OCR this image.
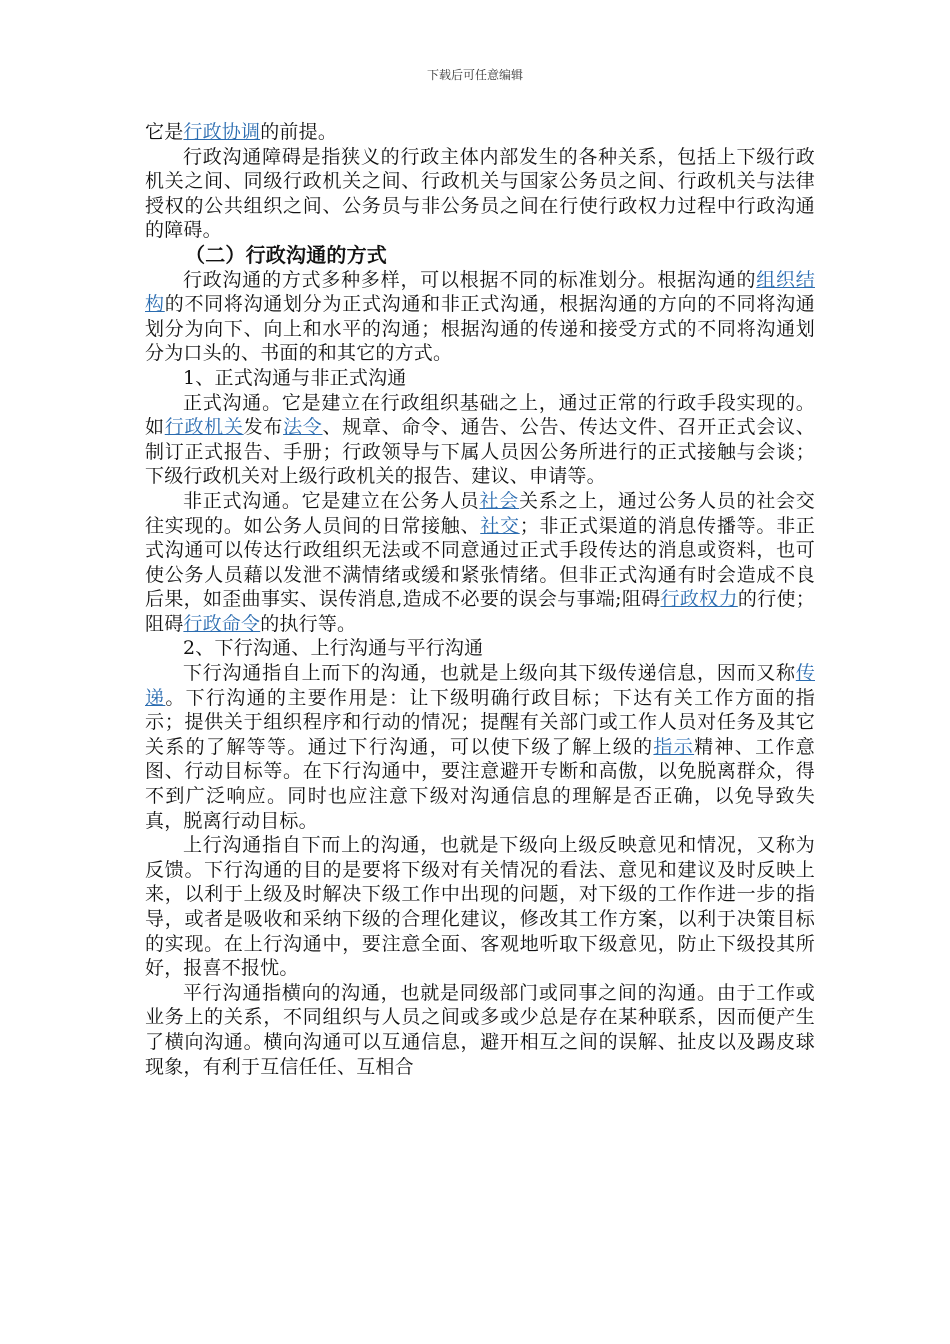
下载后可任意编辑

它是行政协调的前提。

行政沟通障碍是指狭义的行政主体内部发生的各种关系，包括上下级行政机关之间、同级行政机关之间、行政机关与国家公务员之间、行政机关与法律授权的公共组织之间、公务员与非公务员之间在行使行政权力过程中行政沟通的障碍。

（二）行政沟通的方式

行政沟通的方式多种多样，可以根据不同的标准划分。根据沟通的组织结构的不同将沟通划分为正式沟通和非正式沟通，根据沟通的方向的不同将沟通划分为向下、向上和水平的沟通；根据沟通的传递和接受方式的不同将沟通划分为口头的、书面的和其它的方式。

1、正式沟通与非正式沟通

正式沟通。它是建立在行政组织基础之上，通过正常的行政手段实现的。如行政机关发布法令、规章、命令、通告、公告、传达文件、召开正式会议、制订正式报告、手册；行政领导与下属人员因公务所进行的正式接触与会谈；下级行政机关对上级行政机关的报告、建议、申请等。

非正式沟通。它是建立在公务人员社会关系之上，通过公务人员的社会交往实现的。如公务人员间的日常接触、社交；非正式渠道的消息传播等。非正式沟通可以传达行政组织无法或不同意通过正式手段传达的消息或资料，也可使公务人员藉以发泄不满情绪或缓和紧张情绪。但非正式沟通有时会造成不良后果，如歪曲事实、误传消息,造成不必要的误会与事端;阻碍行政权力的行使；阻碍行政命令的执行等。

2、下行沟通、上行沟通与平行沟通

下行沟通指自上而下的沟通，也就是上级向其下级传递信息，因而又称传递。下行沟通的主要作用是：让下级明确行政目标；下达有关工作方面的指示；提供关于组织程序和行动的情况；提醒有关部门或工作人员对任务及其它关系的了解等等。通过下行沟通，可以使下级了解上级的指示精神、工作意图、行动目标等。在下行沟通中，要注意避开专断和高傲，以免脱离群众，得不到广泛响应。同时也应注意下级对沟通信息的理解是否正确，以免导致失真，脱离行动目标。

上行沟通指自下而上的沟通，也就是下级向上级反映意见和情况，又称为反馈。下行沟通的目的是要将下级对有关情况的看法、意见和建议及时反映上来，以利于上级及时解决下级工作中出现的问题，对下级的工作作进一步的指导，或者是吸收和采纳下级的合理化建议，修改其工作方案，以利于决策目标的实现。在上行沟通中，要注意全面、客观地听取下级意见，防止下级投其所好，报喜不报忧。

平行沟通指横向的沟通，也就是同级部门或同事之间的沟通。由于工作或业务上的关系，不同组织与人员之间或多或少总是存在某种联系，因而便产生了横向沟通。横向沟通可以互通信息，避开相互之间的误解、扯皮以及踢皮球现象，有利于互信任任、互相合
